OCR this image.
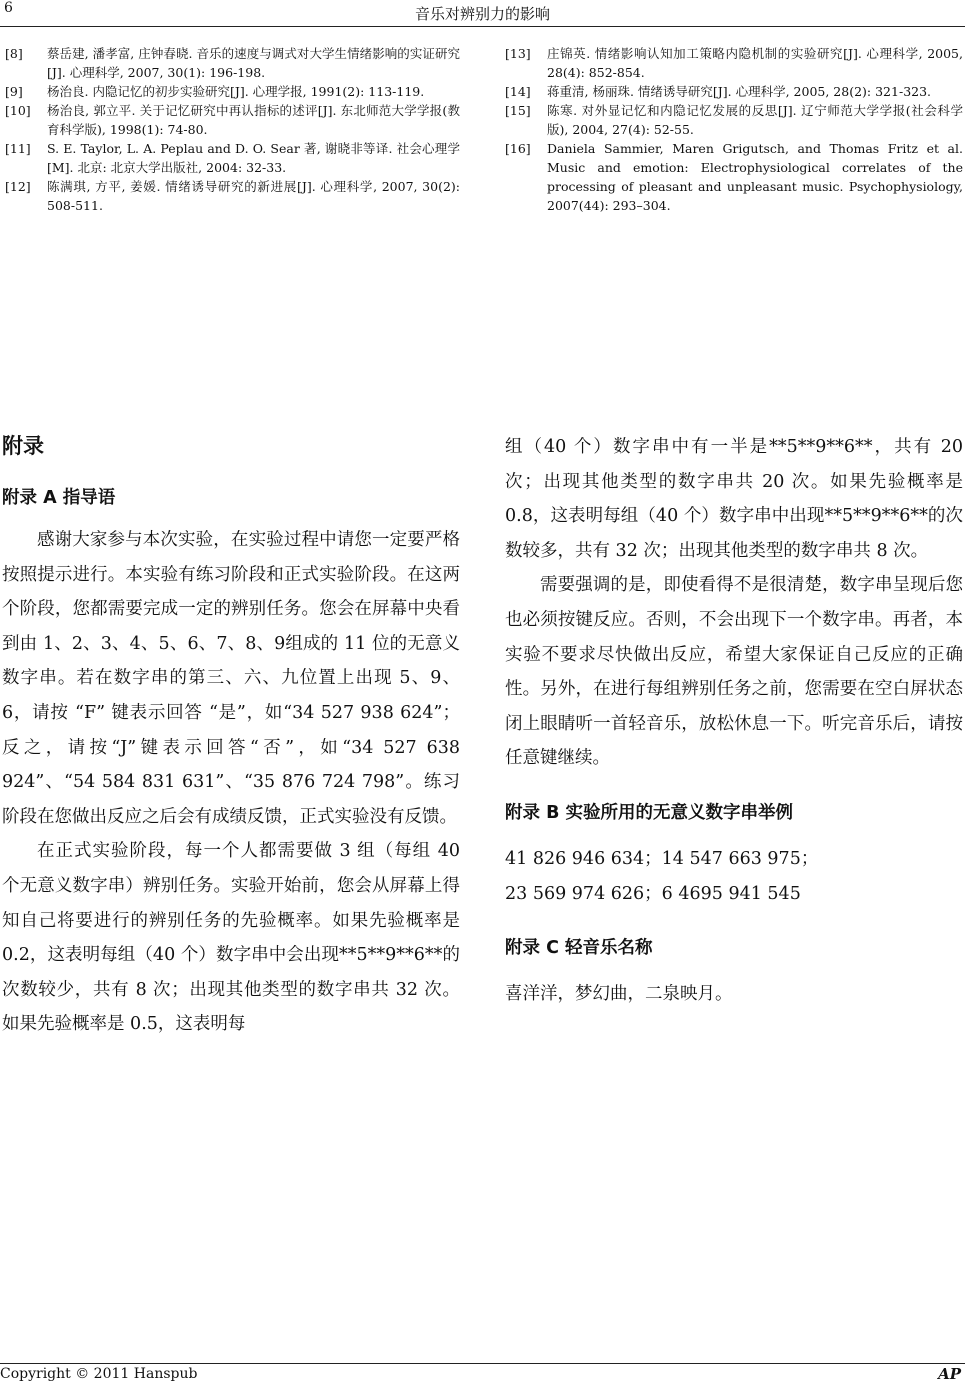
6	音乐对辨别力的影响
[8]	蔡岳建, 潘孝富, 庄钟春晓. 音乐的速度与调式对大学生情绪影响的实证研究[J]. 心理科学, 2007, 30(1): 196-198.
[9]	杨治良. 内隐记忆的初步实验研究[J]. 心理学报, 1991(2): 113-119.
[10]	杨治良, 郭立平. 关于记忆研究中再认指标的述评[J]. 东北师范大学学报(教育科学版), 1998(1): 74-80.
[11]	S. E. Taylor, L. A. Peplau and D. O. Sear 著, 谢晓非等译. 社会心理学[M]. 北京: 北京大学出版社, 2004: 32-33.
[12]	陈满琪, 方平, 姜媛. 情绪诱导研究的新进展[J]. 心理科学, 2007, 30(2): 508-511.
[13]	庄锦英. 情绪影响认知加工策略内隐机制的实验研究[J]. 心理科学, 2005, 28(4): 852-854.
[14]	蒋重清, 杨丽珠. 情绪诱导研究[J]. 心理科学, 2005, 28(2): 321-323.
[15]	陈寒. 对外显记忆和内隐记忆发展的反思[J]. 辽宁师范大学学报(社会科学版), 2004, 27(4): 52-55.
[16]	Daniela Sammier, Maren Grigutsch, and Thomas Fritz et al. Music and emotion: Electrophysiological correlates of the processing of pleasant and unpleasant music. Psychophysiology, 2007(44): 293–304.
附录
附录 A 指导语

感谢大家参与本次实验，在实验过程中请您一定要严格按照提示进行。本实验有练习阶段和正式实验阶段。在这两个阶段，您都需要完成一定的辨别任务。您会在屏幕中央看到由 1、2、3、4、5、6、7、8、9组成的 11 位的无意义数字串。若在数字串的第三、六、九位置上出现 5、9、6，请按 “F” 键表示回答 “是”，如“34 527 938 624”；反之，请按“J”键表示回答“否”，如“34 527 638 924”、“54 584 831 631”、“35 876 724 798”。练习阶段在您做出反应之后会有成绩反馈，正式实验没有反馈。

在正式实验阶段，每一个人都需要做 3 组（每组 40 个无意义数字串）辨别任务。实验开始前，您会从屏幕上得知自己将要进行的辨别任务的先验概率。如果先验概率是 0.2，这表明每组（40 个）数字串中会出现**5**9**6**的次数较少，共有 8 次；出现其他类型的数字串共 32 次。如果先验概率是 0.5，这表明每

组（40 个）数字串中有一半是**5**9**6**，共有 20 次；出现其他类型的数字串共 20 次。如果先验概率是 0.8，这表明每组（40 个）数字串中出现**5**9**6**的次数较多，共有 32 次；出现其他类型的数字串共 8 次。

需要强调的是，即使看得不是很清楚，数字串呈现后您也必须按键反应。否则，不会出现下一个数字串。再者，本实验不要求尽快做出反应，希望大家保证自己反应的正确性。另外，在进行每组辨别任务之前，您需要在空白屏状态闭上眼睛听一首轻音乐，放松休息一下。听完音乐后，请按任意键继续。

附录 B 实验所用的无意义数字串举例

41 826 946 634；14 547 663 975；

23 569 974 626；6 4695 941 545

附录 C 轻音乐名称

喜洋洋，梦幻曲，二泉映月。

Copyright © 2011 Hanspub	AP
